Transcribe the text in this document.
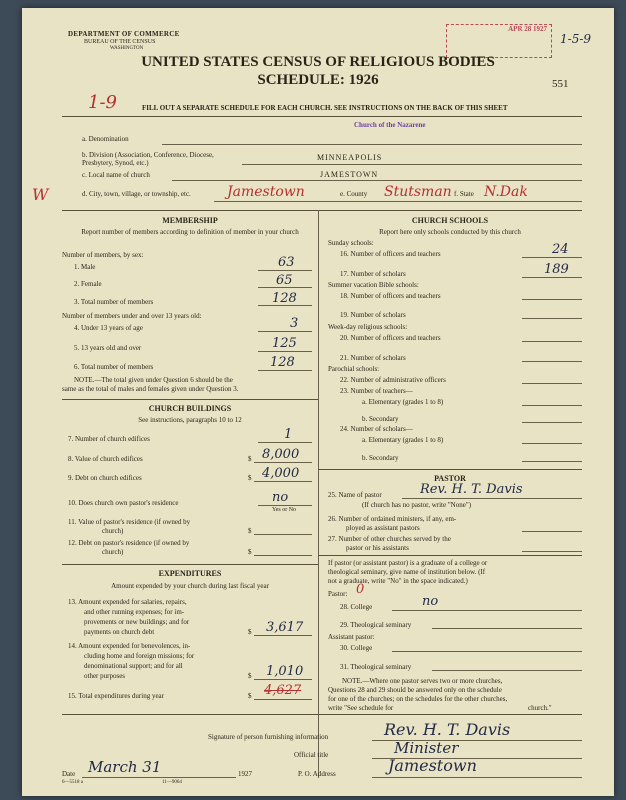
DEPARTMENT OF COMMERCE
BUREAU OF THE CENSUS
WASHINGTON
APR 28 1927
1-5-9
UNITED STATES CENSUS OF RELIGIOUS BODIES
SCHEDULE: 1926	551
1-9	FILL OUT A SEPARATE SCHEDULE FOR EACH CHURCH. SEE INSTRUCTIONS ON THE BACK OF THIS SHEET
Church of the Nazarene
a. Denomination
b. Division (Association, Conference, Diocese, Presbytery, Synod, etc.)
MINNEAPOLIS
c. Local name of church	JAMESTOWN
W	d. City, town, village, or township, etc.	Jamestown	e. County Stutsman f. State N.Dak
MEMBERSHIP
Report number of members according to definition of member in your church
Number of members, by sex:
1. Male	63
2. Female	65
3. Total number of members	128
Number of members under and over 13 years old:
4. Under 13 years of age	3
5. 13 years old and over	125
6. Total number of members	128
NOTE.—The total given under Question 6 should be the
same as the total of males and females given under Question 3.
CHURCH BUILDINGS
See instructions, paragraphs 10 to 12
7. Number of church edifices	1
8. Value of church edifices	$ 8,000
9. Debt on church edifices	$ 4,000
10. Does church own pastor's residence	no
Yes or No
11. Value of pastor's residence (if owned by
church)	$
12. Debt on pastor's residence (if owned by
church)	$
EXPENDITURES
Amount expended by your church during last fiscal year
13. Amount expended for salaries, repairs,
and other running expenses; for im-
provements or new buildings; and for
payments on church debt	$ 3,617
14. Amount expended for benevolences, in-
cluding home and foreign missions; for
denominational support; and for all
other purposes	$ 1,010
15. Total expenditures during year	$ 4,627
CHURCH SCHOOLS
Report here only schools conducted by this church
Sunday schools:
16. Number of officers and teachers	24
17. Number of scholars	189
Summer vacation Bible schools:
18. Number of officers and teachers
19. Number of scholars
Week-day religious schools:
20. Number of officers and teachers
21. Number of scholars
Parochial schools:
22. Number of administrative officers
23. Number of teachers—
a. Elementary (grades 1 to 8)
b. Secondary
24. Number of scholars—
a. Elementary (grades 1 to 8)
b. Secondary
PASTOR
25. Name of pastor	Rev. H. T. Davis
(If church has no pastor, write "None")
26. Number of ordained ministers, if any, em-
ployed as assistant pastors
27. Number of other churches served by the
pastor or his assistants
If pastor (or assistant pastor) is a graduate of a college or
theological seminary, give name of institution below. (If
not a graduate, write "No" in the space indicated.)
Pastor: 0
28. College	no
29. Theological seminary
Assistant pastor:
30. College
31. Theological seminary
NOTE.—Where one pastor serves two or more churches,
Questions 28 and 29 should be answered only on the schedule
for one of the churches; on the schedules for the other churches,
write "See schedule for	church."
Signature of person furnishing information	Rev. H. T. Davis
Official title	Minister
Date March 31	1927	P. O. Address	Jamestown
6—5518 a	11—9064
